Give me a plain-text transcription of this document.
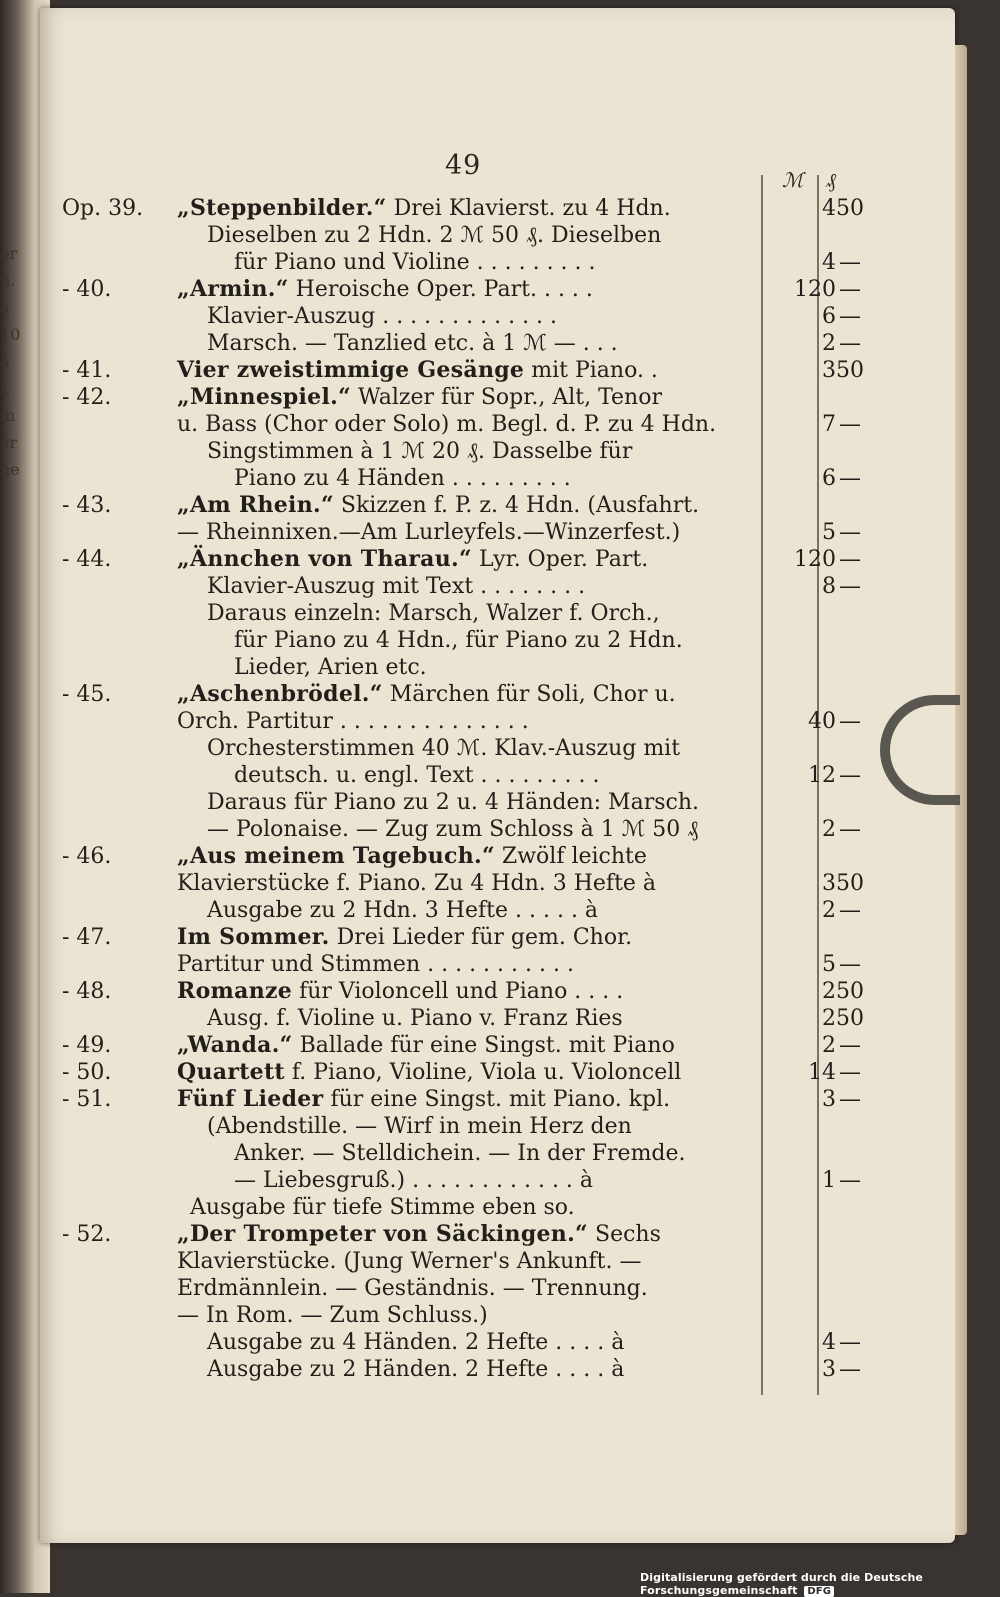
or
n.
à
10
à
l.
m
er
ne
49	ℳ ₰
Op. 39.	„Steppenbilder.“ Drei Klavierst. zu 4 Hdn.	4 50
Dieselben zu 2 Hdn. 2 ℳ 50 ₰. Dieselben
für Piano und Violine . . . . . . . . .	4 —
- 40.	„Armin.“ Heroische Oper. Part. . . . .	120 —
Klavier-Auszug . . . . . . . . . . . . .	6 —
Marsch. — Tanzlied etc. à 1 ℳ — . . .	2 —
- 41.	Vier zweistimmige Gesänge mit Piano. .	3 50
- 42.	„Minnespiel.“ Walzer für Sopr., Alt, Tenor
u. Bass (Chor oder Solo) m. Begl. d. P. zu 4 Hdn.	7 —
Singstimmen à 1 ℳ 20 ₰. Dasselbe für
Piano zu 4 Händen . . . . . . . . .	6 —
- 43.	„Am Rhein.“ Skizzen f. P. z. 4 Hdn. (Ausfahrt.
— Rheinnixen.—Am Lurleyfels.—Winzerfest.)	5 —
- 44.	„Ännchen von Tharau.“ Lyr. Oper. Part.	120 —
Klavier-Auszug mit Text . . . . . . . .	8 —
Daraus einzeln: Marsch, Walzer f. Orch.,
für Piano zu 4 Hdn., für Piano zu 2 Hdn.
Lieder, Arien etc.
- 45.	„Aschenbrödel.“ Märchen für Soli, Chor u.
Orch. Partitur . . . . . . . . . . . . . .	40 —
Orchesterstimmen 40 ℳ. Klav.-Auszug mit
deutsch. u. engl. Text . . . . . . . . .	12 —
Daraus für Piano zu 2 u. 4 Händen: Marsch.
— Polonaise. — Zug zum Schloss à 1 ℳ 50 ₰	2 —
- 46.	„Aus meinem Tagebuch.“ Zwölf leichte
Klavierstücke f. Piano. Zu 4 Hdn. 3 Hefte à	3 50
Ausgabe zu 2 Hdn. 3 Hefte . . . . . à	2 —
- 47.	Im Sommer. Drei Lieder für gem. Chor.
Partitur und Stimmen . . . . . . . . . . .	5 —
- 48.	Romanze für Violoncell und Piano . . . .	2 50
Ausg. f. Violine u. Piano v. Franz Ries	2 50
- 49.	„Wanda.“ Ballade für eine Singst. mit Piano	2 —
- 50.	Quartett f. Piano, Violine, Viola u. Violoncell	14 —
- 51.	Fünf Lieder für eine Singst. mit Piano. kpl.	3 —
(Abendstille. — Wirf in mein Herz den
Anker. — Stelldichein. — In der Fremde.
— Liebesgruß.) . . . . . . . . . . . . à	1 —
Ausgabe für tiefe Stimme eben so.
- 52.	„Der Trompeter von Säckingen.“ Sechs
Klavierstücke. (Jung Werner's Ankunft. —
Erdmännlein. — Geständnis. — Trennung.
— In Rom. — Zum Schluss.)
Ausgabe zu 4 Händen. 2 Hefte . . . . à	4 —
Ausgabe zu 2 Händen. 2 Hefte . . . . à	3 —
Digitalisierung gefördert durch die Deutsche Forschungsgemeinschaft DFG
